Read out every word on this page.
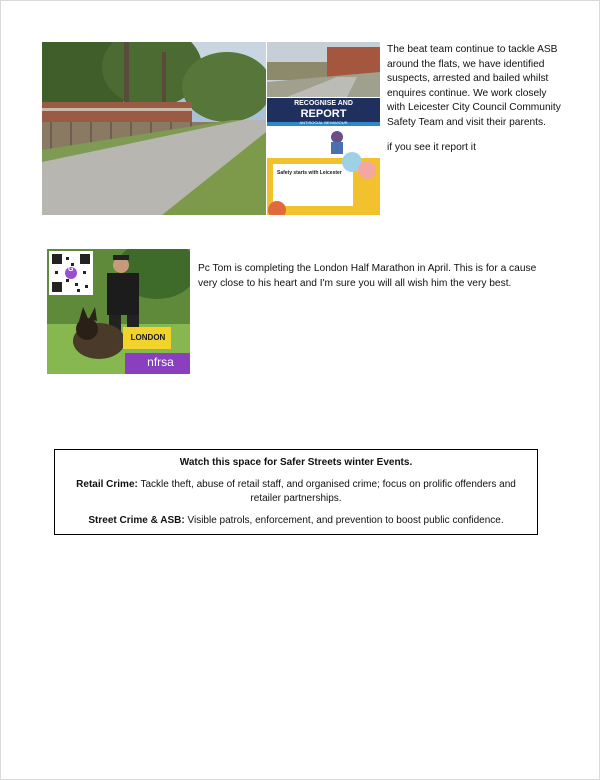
RECOGNISE AND
REPORT
ANTISOCIAL BEHAVIOUR
Safety starts with Leicester

The beat team continue to tackle ASB around the flats, we have identified suspects, arrested and bailed whilst enquires continue. We work closely with Leicester City Council Community Safety Team and visit their parents.

if you see it report it

G
LONDON
nfrsa
Pc Tom is completing the London Half Marathon in April. This is for a cause very close to his heart and I'm sure you will all wish him the very best.

Watch this space for Safer Streets winter Events.

Retail Crime: Tackle theft, abuse of retail staff, and organised crime; focus on prolific offenders and retailer partnerships.

Street Crime & ASB: Visible patrols, enforcement, and prevention to boost public confidence.
